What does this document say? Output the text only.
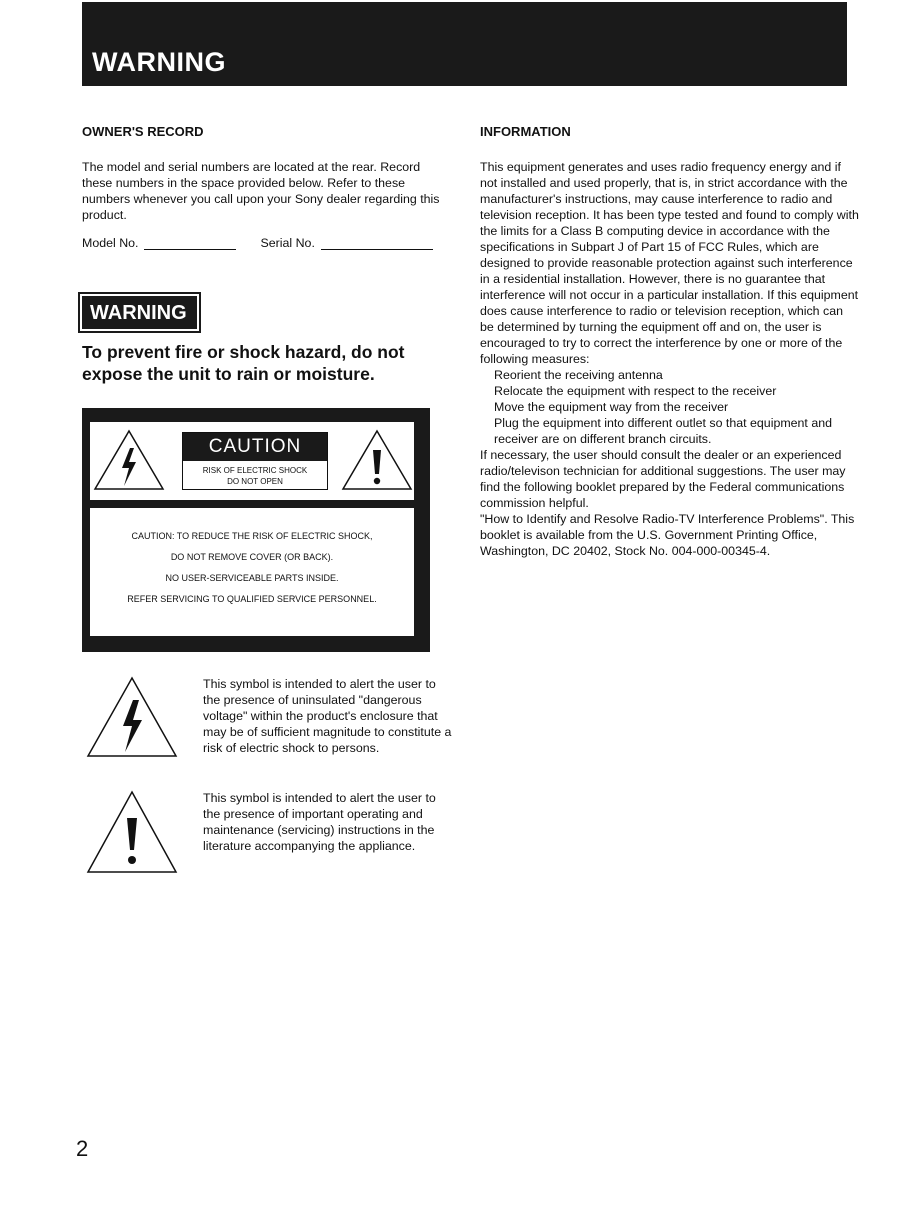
WARNING
OWNER'S RECORD

The model and serial numbers are located at the rear. Record these numbers in the space provided below. Refer to these numbers whenever you call upon your Sony dealer regarding this product.

Model No.
	Serial No.

WARNING
To prevent fire or shock hazard, do not expose the unit to rain or moisture.
CAUTION
RISK OF ELECTRIC SHOCK
DO NOT OPEN
CAUTION: TO REDUCE THE RISK OF ELECTRIC SHOCK,
DO NOT REMOVE COVER (OR BACK).
NO USER-SERVICEABLE PARTS INSIDE.
REFER SERVICING TO QUALIFIED SERVICE PERSONNEL.
This symbol is intended to alert the user to the presence of uninsulated "dangerous voltage" within the product's enclosure that may be of sufficient magnitude to constitute a risk of electric shock to persons.
This symbol is intended to alert the user to the presence of important operating and maintenance (servicing) instructions in the literature accompanying the appliance.
INFORMATION

This equipment generates and uses radio frequency energy and if not installed and used properly, that is, in strict accordance with the manufacturer's instructions, may cause interference to radio and television reception. It has been type tested and found to comply with the limits for a Class B computing device in accordance with the specifications in Subpart J of Part 15 of FCC Rules, which are designed to provide reasonable protection against such interference in a residential installation. However, there is no guarantee that interference will not occur in a particular installation. If this equipment does cause interference to radio or television reception, which can be determined by turning the equipment off and on, the user is encouraged to try to correct the interference by one or more of the following measures:

Reorient the receiving antenna
Relocate the equipment with respect to the receiver
Move the equipment way from the receiver
Plug the equipment into different outlet so that equipment and receiver are on different branch circuits.

If necessary, the user should consult the dealer or an experienced radio/televison technician for additional suggestions. The user may find the following booklet prepared by the Federal communications commission helpful.

"How to Identify and Resolve Radio-TV Interference Problems". This booklet is available from the U.S. Government Printing Office, Washington, DC 20402, Stock No. 004-000-00345-4.

2
